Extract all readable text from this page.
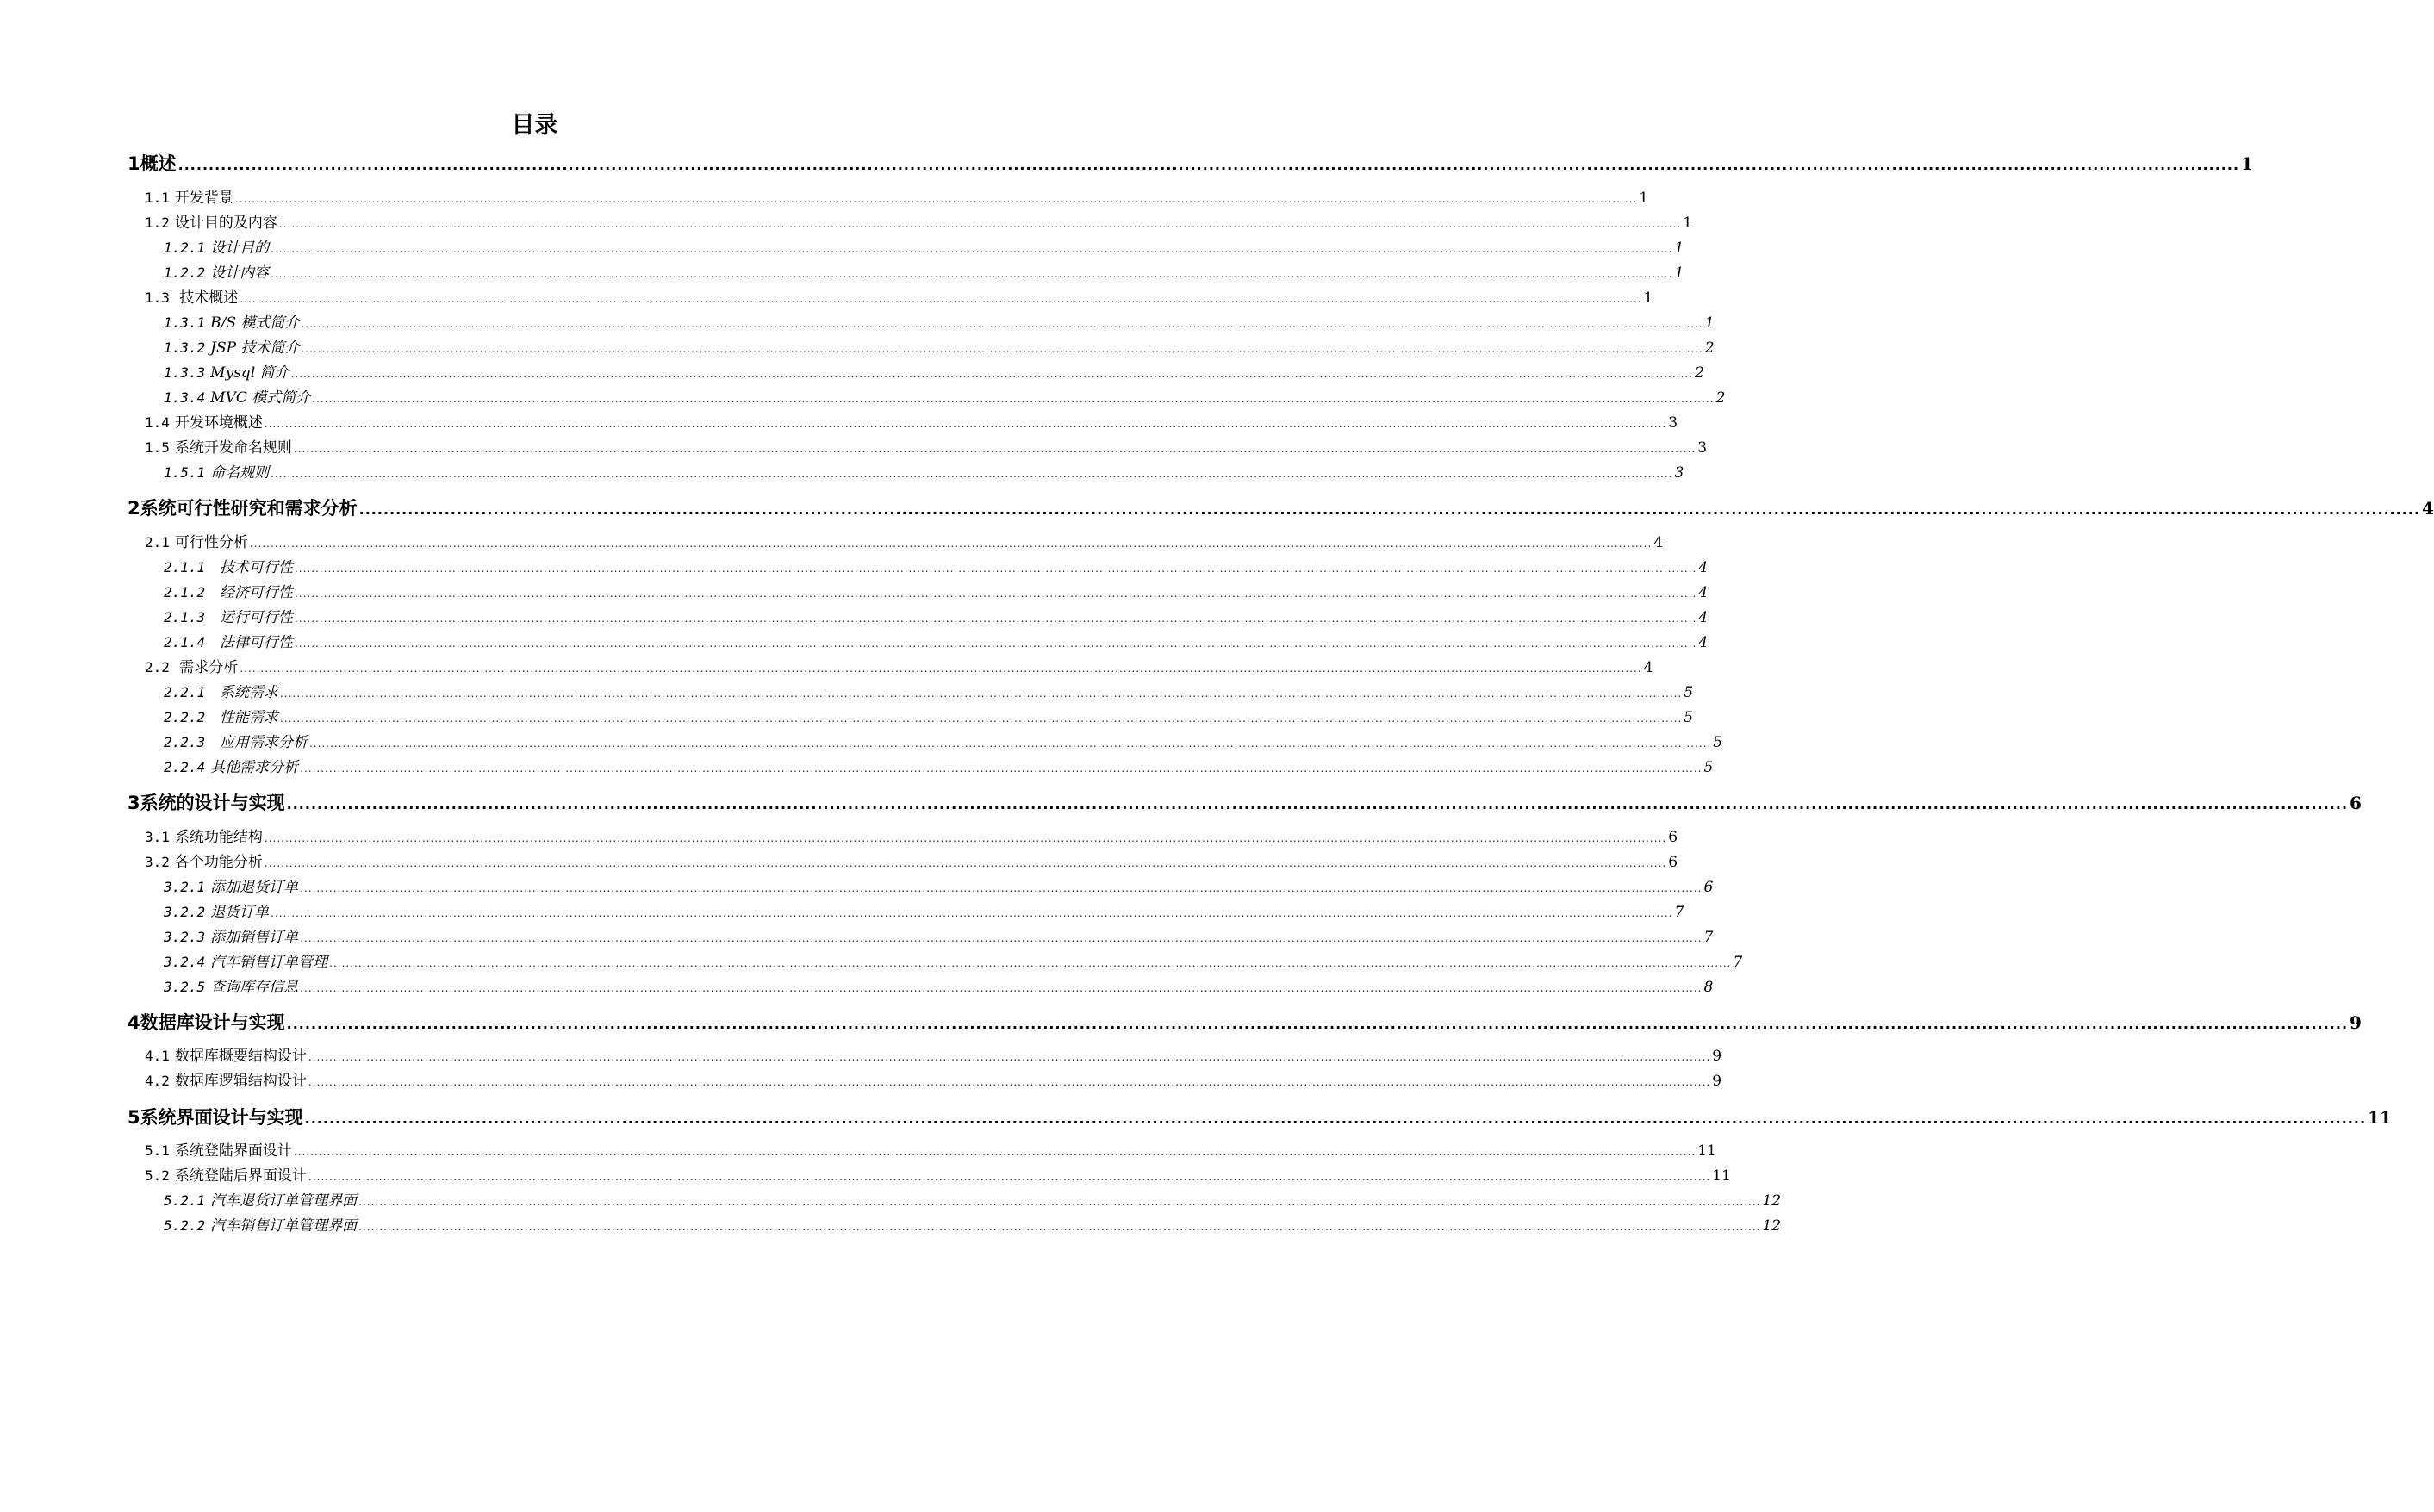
目录
1 概述 .................................................................................................................................................................................................................................................................................................................................................. 1
1.1 开发背景 .................................................................................................................................................................................................................................................................................................................................................. 1
1.2 设计目的及内容 .................................................................................................................................................................................................................................................................................................................................................. 1
1.2.1 设计目的 .................................................................................................................................................................................................................................................................................................................................................. 1
1.2.2 设计内容 .................................................................................................................................................................................................................................................................................................................................................. 1
1.3 技术概述 .................................................................................................................................................................................................................................................................................................................................................. 1
1.3.1 B/S 模式简介 .................................................................................................................................................................................................................................................................................................................................................. 1
1.3.2 JSP 技术简介 .................................................................................................................................................................................................................................................................................................................................................. 2
1.3.3 Mysql 简介 .................................................................................................................................................................................................................................................................................................................................................. 2
1.3.4 MVC 模式简介 .................................................................................................................................................................................................................................................................................................................................................. 2
1.4 开发环境概述 .................................................................................................................................................................................................................................................................................................................................................. 3
1.5 系统开发命名规则 .................................................................................................................................................................................................................................................................................................................................................. 3
1.5.1 命名规则 .................................................................................................................................................................................................................................................................................................................................................. 3
2 系统可行性研究和需求分析 .................................................................................................................................................................................................................................................................................................................................................. 4
2.1 可行性分析 .................................................................................................................................................................................................................................................................................................................................................. 4
2.1.1 技术可行性 .................................................................................................................................................................................................................................................................................................................................................. 4
2.1.2 经济可行性 .................................................................................................................................................................................................................................................................................................................................................. 4
2.1.3 运行可行性 .................................................................................................................................................................................................................................................................................................................................................. 4
2.1.4 法律可行性 .................................................................................................................................................................................................................................................................................................................................................. 4
2.2 需求分析 .................................................................................................................................................................................................................................................................................................................................................. 4
2.2.1 系统需求 .................................................................................................................................................................................................................................................................................................................................................. 5
2.2.2 性能需求 .................................................................................................................................................................................................................................................................................................................................................. 5
2.2.3 应用需求分析 .................................................................................................................................................................................................................................................................................................................................................. 5
2.2.4 其他需求分析 .................................................................................................................................................................................................................................................................................................................................................. 5
3 系统的设计与实现 .................................................................................................................................................................................................................................................................................................................................................. 6
3.1 系统功能结构 .................................................................................................................................................................................................................................................................................................................................................. 6
3.2 各个功能分析 .................................................................................................................................................................................................................................................................................................................................................. 6
3.2.1 添加退货订单 .................................................................................................................................................................................................................................................................................................................................................. 6
3.2.2 退货订单 .................................................................................................................................................................................................................................................................................................................................................. 7
3.2.3 添加销售订单 .................................................................................................................................................................................................................................................................................................................................................. 7
3.2.4 汽车销售订单管理 .................................................................................................................................................................................................................................................................................................................................................. 7
3.2.5 查询库存信息 .................................................................................................................................................................................................................................................................................................................................................. 8
4 数据库设计与实现 .................................................................................................................................................................................................................................................................................................................................................. 9
4.1 数据库概要结构设计 .................................................................................................................................................................................................................................................................................................................................................. 9
4.2 数据库逻辑结构设计 .................................................................................................................................................................................................................................................................................................................................................. 9
5 系统界面设计与实现 .................................................................................................................................................................................................................................................................................................................................................. 11
5.1 系统登陆界面设计 .................................................................................................................................................................................................................................................................................................................................................. 11
5.2 系统登陆后界面设计 .................................................................................................................................................................................................................................................................................................................................................. 11
5.2.1 汽车退货订单管理界面 .................................................................................................................................................................................................................................................................................................................................................. 12
5.2.2 汽车销售订单管理界面 .................................................................................................................................................................................................................................................................................................................................................. 12
